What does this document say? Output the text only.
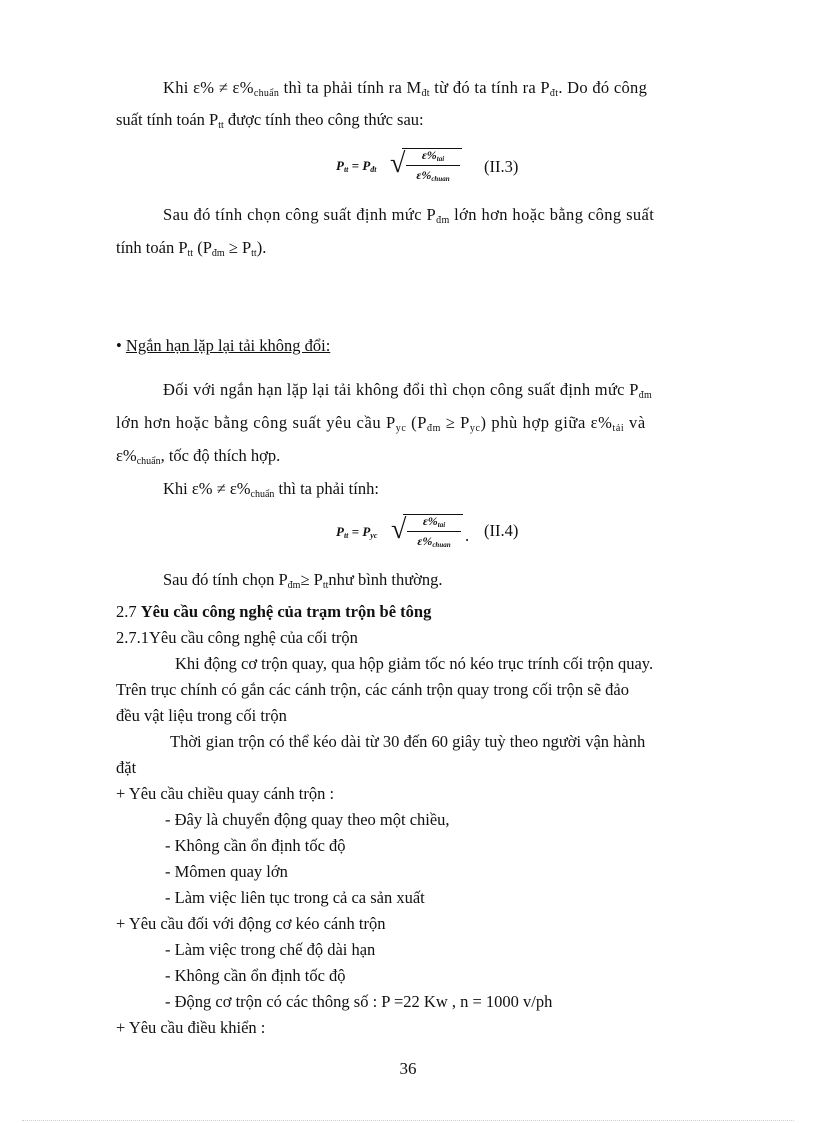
Khi $\varepsilon\% \ne \varepsilon\%_{chuẩn}$ thì ta phải tính ra $M_{đt}$ từ đó ta tính ra $P_{đt}$. Do đó công
suất tính toán $P_{tt}$ được tính theo công thức sau:
$P_{tt} = P_{đt}$ √	$\varepsilon\%_{tai}$
$\varepsilon\%_{chuan}$
(II.3)
Sau đó tính chọn công suất định mức $P_{đm}$ lớn hơn hoặc bằng công suất
tính toán $P_{tt}$ $(P_{đm} \ge P_{tt})$.
• Ngắn hạn lặp lại tải không đổi:
Đối với ngắn hạn lặp lại tải không đổi thì chọn công suất định mức $P_{đm}$
lớn hơn hoặc bằng công suất yêu cầu $P_{yc}$ $(P_{đm} \ge P_{yc})$ phù hợp giữa $\varepsilon\%_{tải}$ và
$\varepsilon\%_{chuẩn}$, tốc độ thích hợp.
Khi $\varepsilon\% \ne \varepsilon\%_{chuẩn}$ thì ta phải tính:
$P_{tt} = P_{yc}$ √	$\varepsilon\%_{tai}$
$\varepsilon\%_{chuan}$ . (II.4)
Sau đó tính chọn $P_{đm}\ge$ $P_{tt}như$ bình thường.
2.7 Yêu cầu công nghệ của trạm trộn bê tông
2.7.1Yêu cầu công nghệ của cối trộn
Khi động cơ trộn quay, qua hộp giảm tốc nó kéo trục trính cối trộn quay.
Trên trục chính có gắn các cánh trộn, các cánh trộn quay trong cối trộn sẽ đảo
đều vật liệu trong cối trộn
Thời gian trộn có thể kéo dài từ 30 đến 60 giây tuỳ theo người vận hành
đặt
+ Yêu cầu chiều quay cánh trộn :
- Đây là chuyển động quay theo một chiều,
- Không cần ổn định tốc độ
- Mômen quay lớn
- Làm việc liên tục trong cả ca sản xuất
+ Yêu cầu đối với động cơ kéo cánh trộn
- Làm việc trong chế độ dài hạn
- Không cần ổn định tốc độ
- Động cơ trộn có các thông số : P =22 Kw , n = 1000 v/ph
+ Yêu cầu điều khiển :
36
